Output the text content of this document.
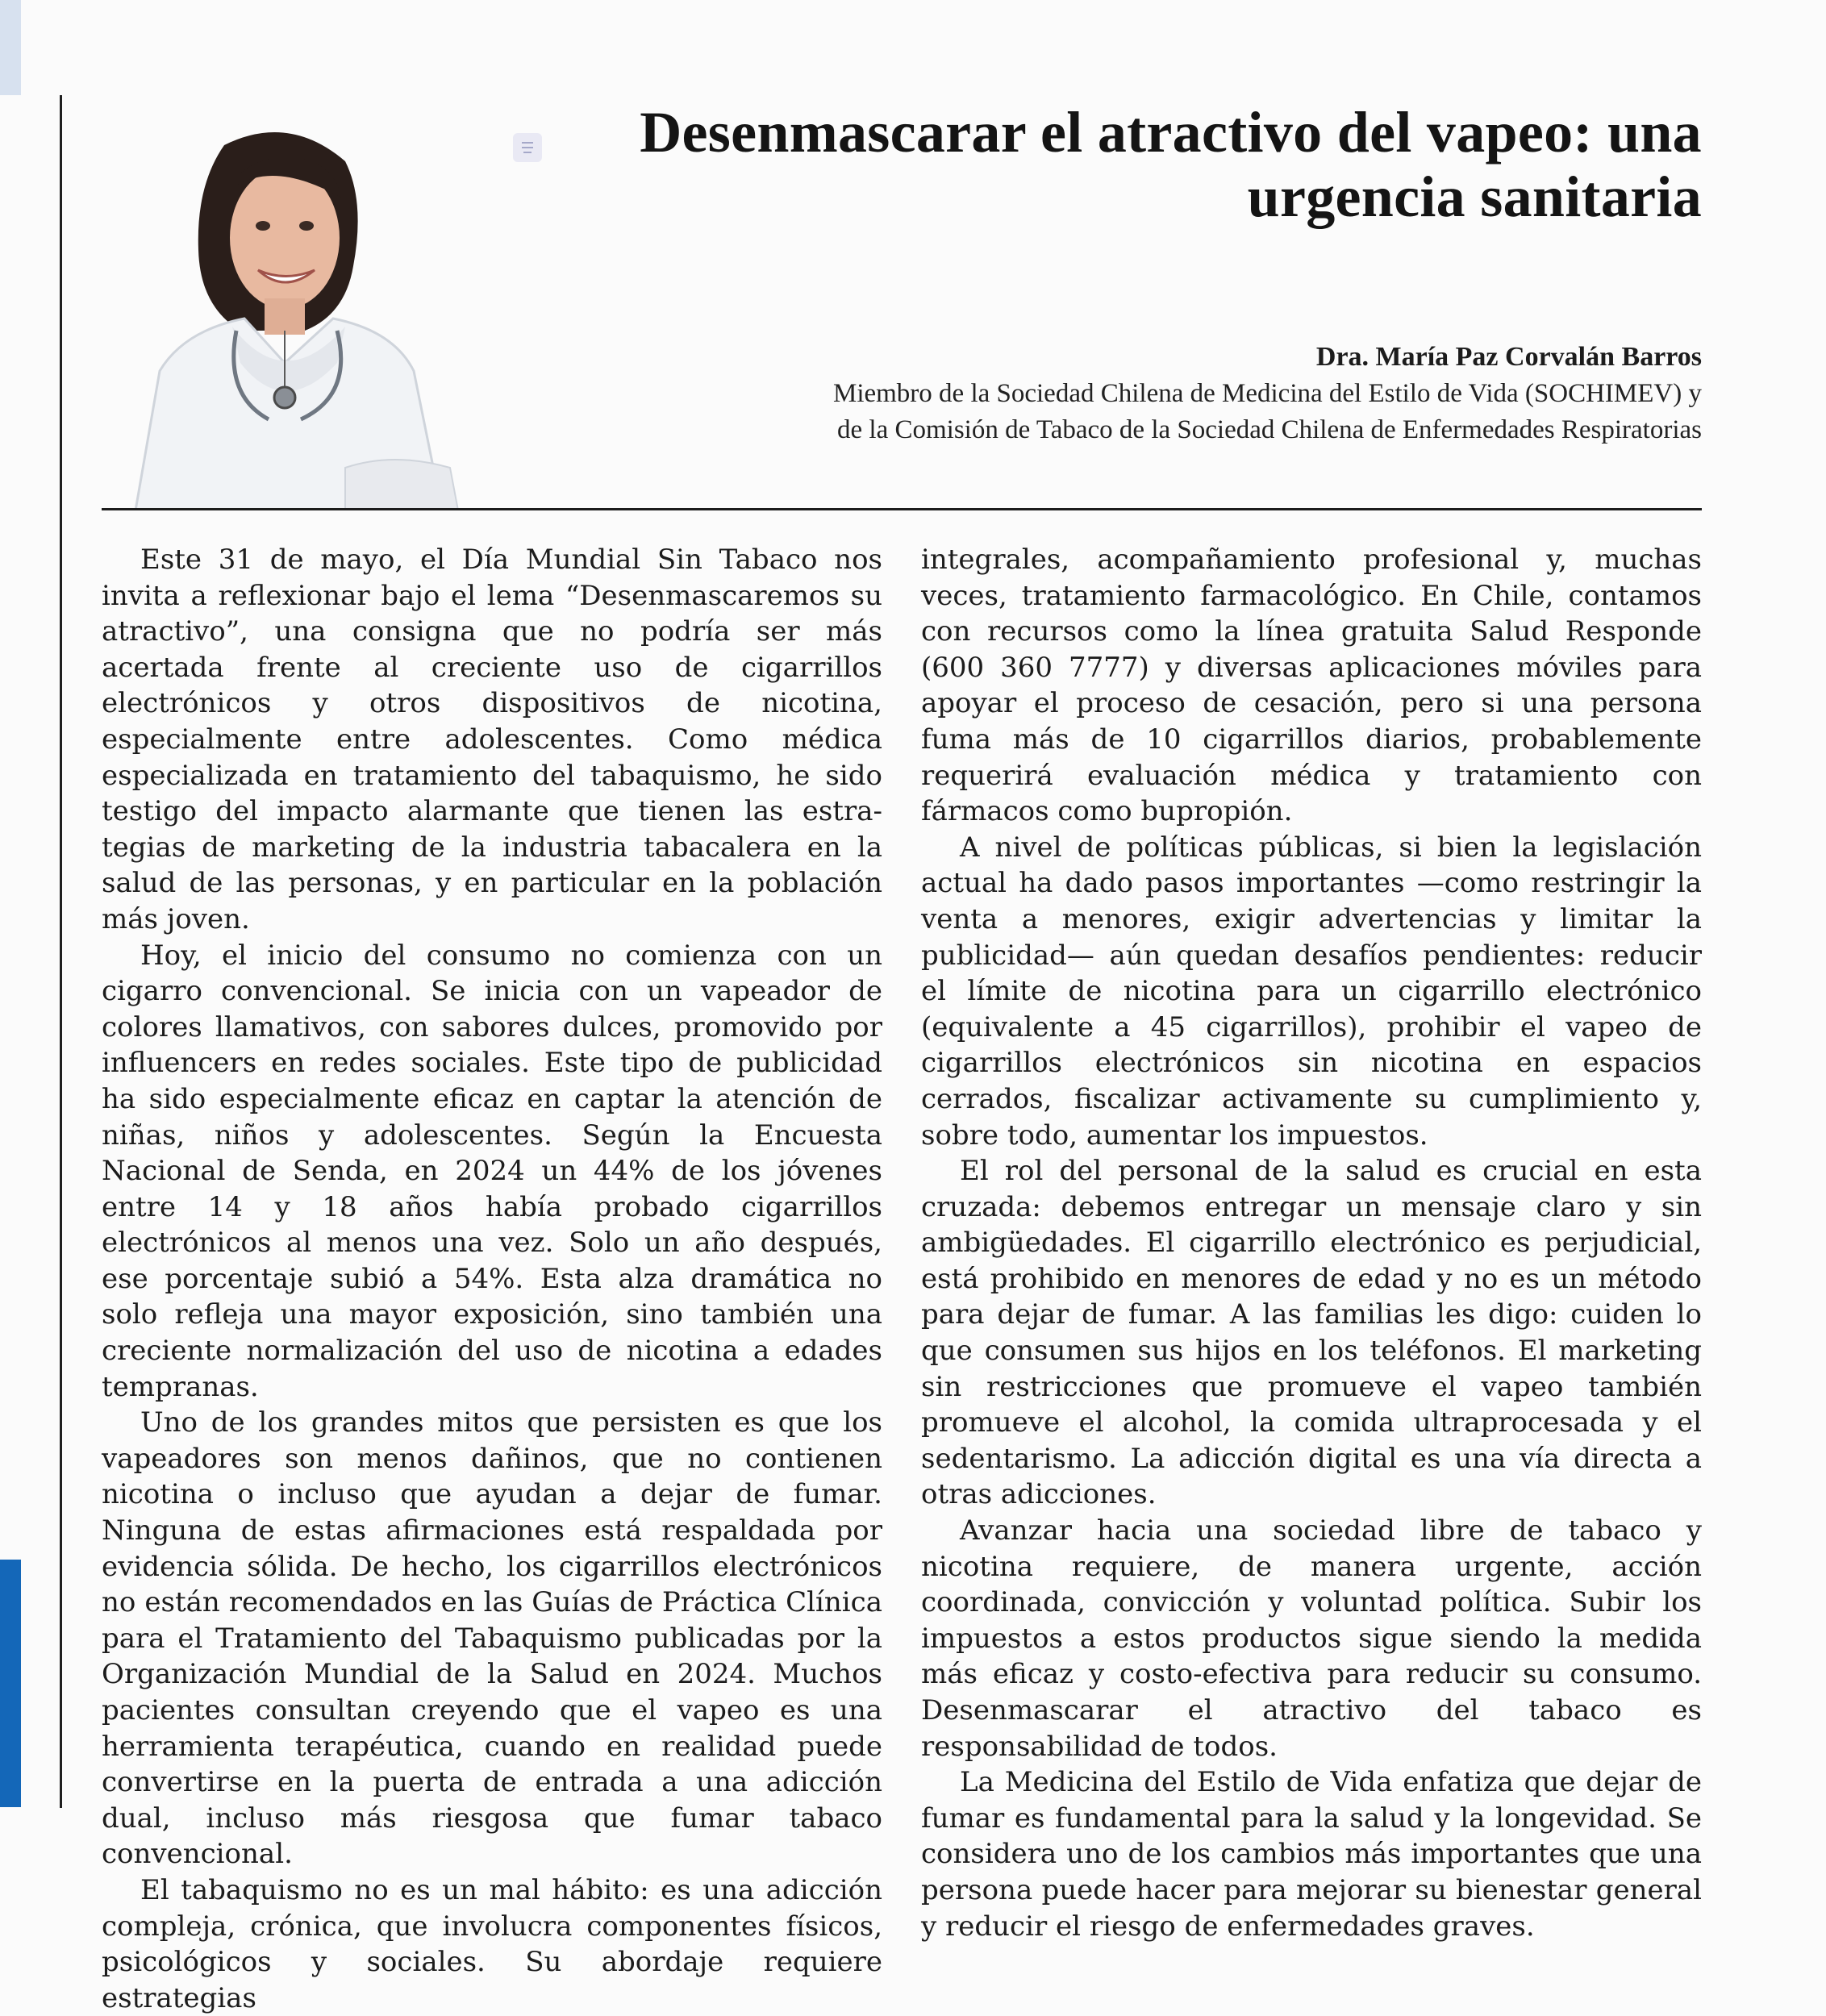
Desenmascarar el atractivo del vapeo: una urgencia sanitaria
Dra. María Paz Corvalán Barros
Miembro de la Sociedad Chilena de Medicina del Estilo de Vida (SOCHIMEV) y de la Comisión de Tabaco de la Sociedad Chilena de Enfermedades Respiratorias

Este 31 de mayo, el Día Mundial Sin Tabaco nos invita a reflexionar bajo el lema “Desenmascaremos su atractivo”, una consigna que no podría ser más acertada frente al creciente uso de cigarrillos electrónicos y otros dispositivos de nicotina, especialmente entre adolescentes. Como médica especializada en tratamiento del tabaquismo, he sido testigo del impacto alarmante que tienen las estrategias de marketing de la industria tabacalera en la salud de las personas, y en particular en la población más joven.

Hoy, el inicio del consumo no comienza con un cigarro convencional. Se inicia con un vapeador de colores llamativos, con sabores dulces, promovido por influencers en redes sociales. Este tipo de publicidad ha sido especialmente eficaz en captar la atención de niñas, niños y adolescentes. Según la Encuesta Nacional de Senda, en 2024 un 44% de los jóvenes entre 14 y 18 años había probado cigarrillos electrónicos al menos una vez. Solo un año después, ese porcentaje subió a 54%. Esta alza dramática no solo refleja una mayor exposición, sino también una creciente normalización del uso de nicotina a edades tempranas.

Uno de los grandes mitos que persisten es que los vapeadores son menos dañinos, que no contienen nicotina o incluso que ayudan a dejar de fumar. Ninguna de estas afirmaciones está respaldada por evidencia sólida. De hecho, los cigarrillos electrónicos no están recomendados en las Guías de Práctica Clínica para el Tratamiento del Tabaquismo publicadas por la Organización Mundial de la Salud en 2024. Muchos pacientes consultan creyendo que el vapeo es una herramienta terapéutica, cuando en realidad puede convertirse en la puerta de entrada a una adicción dual, incluso más riesgosa que fumar tabaco convencional.

El tabaquismo no es un mal hábito: es una adicción compleja, crónica, que involucra componentes físicos, psicológicos y sociales. Su abordaje requiere estrategias

integrales, acompañamiento profesional y, muchas veces, tratamiento farmacológico. En Chile, contamos con recursos como la línea gratuita Salud Responde (600 360 7777) y diversas aplicaciones móviles para apoyar el proceso de cesación, pero si una persona fuma más de 10 cigarrillos diarios, probablemente requerirá evaluación médica y tratamiento con fármacos como bupropión.

A nivel de políticas públicas, si bien la legislación actual ha dado pasos importantes —como restringir la venta a menores, exigir advertencias y limitar la publicidad— aún quedan desafíos pendientes: reducir el límite de nicotina para un cigarrillo electrónico (equivalente a 45 cigarrillos), prohibir el vapeo de cigarrillos electrónicos sin nicotina en espacios cerrados, fiscalizar activamente su cumplimiento y, sobre todo, aumentar los impuestos.

El rol del personal de la salud es crucial en esta cruzada: debemos entregar un mensaje claro y sin ambigüedades. El cigarrillo electrónico es perjudicial, está prohibido en menores de edad y no es un método para dejar de fumar. A las familias les digo: cuiden lo que consumen sus hijos en los teléfonos. El marketing sin restricciones que promueve el vapeo también promueve el alcohol, la comida ultraprocesada y el sedentarismo. La adicción digital es una vía directa a otras adicciones.

Avanzar hacia una sociedad libre de tabaco y nicotina requiere, de manera urgente, acción coordinada, convicción y voluntad política. Subir los impuestos a estos productos sigue siendo la medida más eficaz y costo-efectiva para reducir su consumo. Desenmascarar el atractivo del tabaco es responsabilidad de todos.

La Medicina del Estilo de Vida enfatiza que dejar de fumar es fundamental para la salud y la longevidad. Se considera uno de los cambios más importantes que una persona puede hacer para mejorar su bienestar general y reducir el riesgo de enfermedades graves.
